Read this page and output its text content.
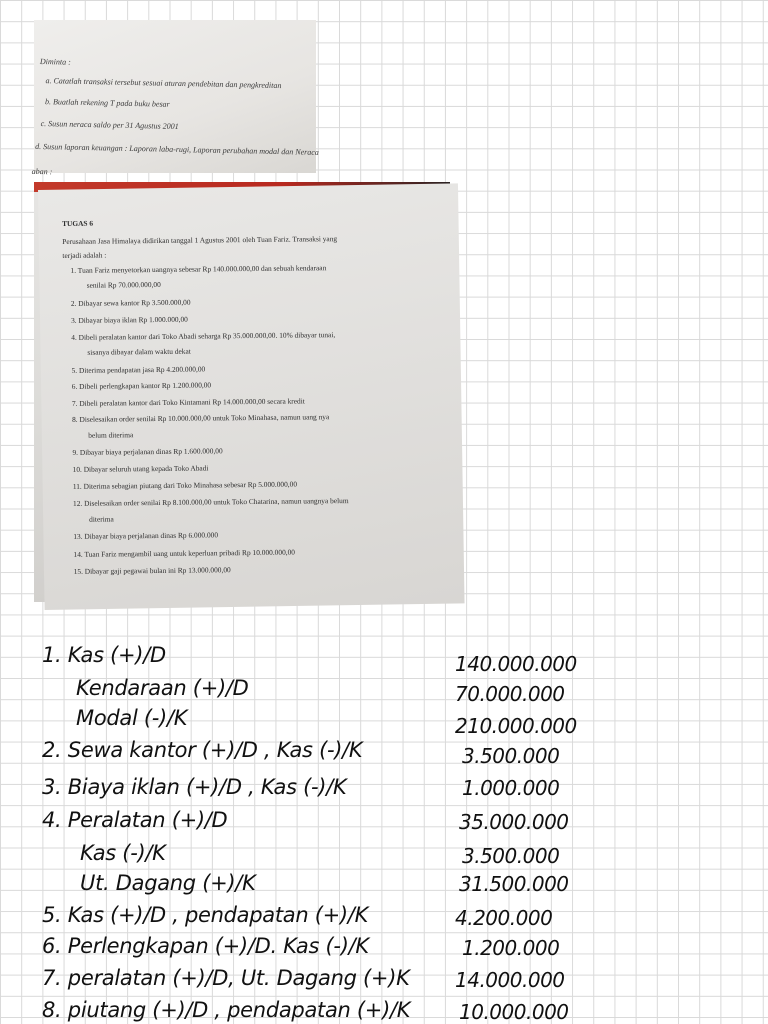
Diminta :
a. Catatlah transaksi tersebut sesuai aturan pendebitan dan pengkreditan
b. Buatlah rekening T pada buku besar
c. Susun neraca saldo per 31 Agustus 2001
d. Susun laporan keuangan : Laporan laba-rugi, Laporan perubahan modal dan Neraca
aban :
TUGAS 6
Perusahaan Jasa Himalaya didirikan tanggal 1 Agustus 2001 oleh Tuan Fariz. Transaksi yang
terjadi adalah :
1. Tuan Fariz menyetorkan uangnya sebesar Rp 140.000.000,00 dan sebuah kendaraan
senilai Rp 70.000.000,00
2. Dibayar sewa kantor Rp 3.500.000,00
3. Dibayar biaya iklan Rp 1.000.000,00
4. Dibeli peralatan kantor dari Toko Abadi seharga Rp 35.000.000,00. 10% dibayar tunai,
sisanya dibayar dalam waktu dekat
5. Diterima pendapatan jasa Rp 4.200.000,00
6. Dibeli perlengkapan kantor Rp 1.200.000,00
7. Dibeli peralatan kantor dari Toko Kintamani Rp 14.000.000,00 secara kredit
8. Diselesaikan order senilai Rp 10.000.000,00 untuk Toko Minahasa, namun uang nya
belum diterima
9. Dibayar biaya perjalanan dinas Rp 1.600.000,00
10. Dibayar seluruh utang kepada Toko Abadi
11. Diterima sebagian piutang dari Toko Minahasa sebesar Rp 5.000.000,00
12. Diselesaikan order senilai Rp 8.100.000,00 untuk Toko Chatarina, namun uangnya belum
diterima
13. Dibayar biaya perjalanan dinas Rp 6.000.000
14. Tuan Fariz mengambil uang untuk keperluan pribadi Rp 10.000.000,00
15. Dibayar gaji pegawai bulan ini Rp 13.000.000,00
1. Kas (+)/D
Kendaraan (+)/D
Modal (-)/K
2. Sewa kantor (+)/D , Kas (-)/K
3. Biaya iklan (+)/D , Kas (-)/K
4. Peralatan (+)/D
Kas (-)/K
Ut. Dagang (+)/K
5. Kas (+)/D , pendapatan (+)/K
6. Perlengkapan (+)/D. Kas (-)/K
7. peralatan (+)/D, Ut. Dagang (+)K
8. piutang (+)/D , pendapatan (+)/K
140.000.000
70.000.000
210.000.000
3.500.000
1.000.000
35.000.000
3.500.000
31.500.000
4.200.000
1.200.000
14.000.000
10.000.000
